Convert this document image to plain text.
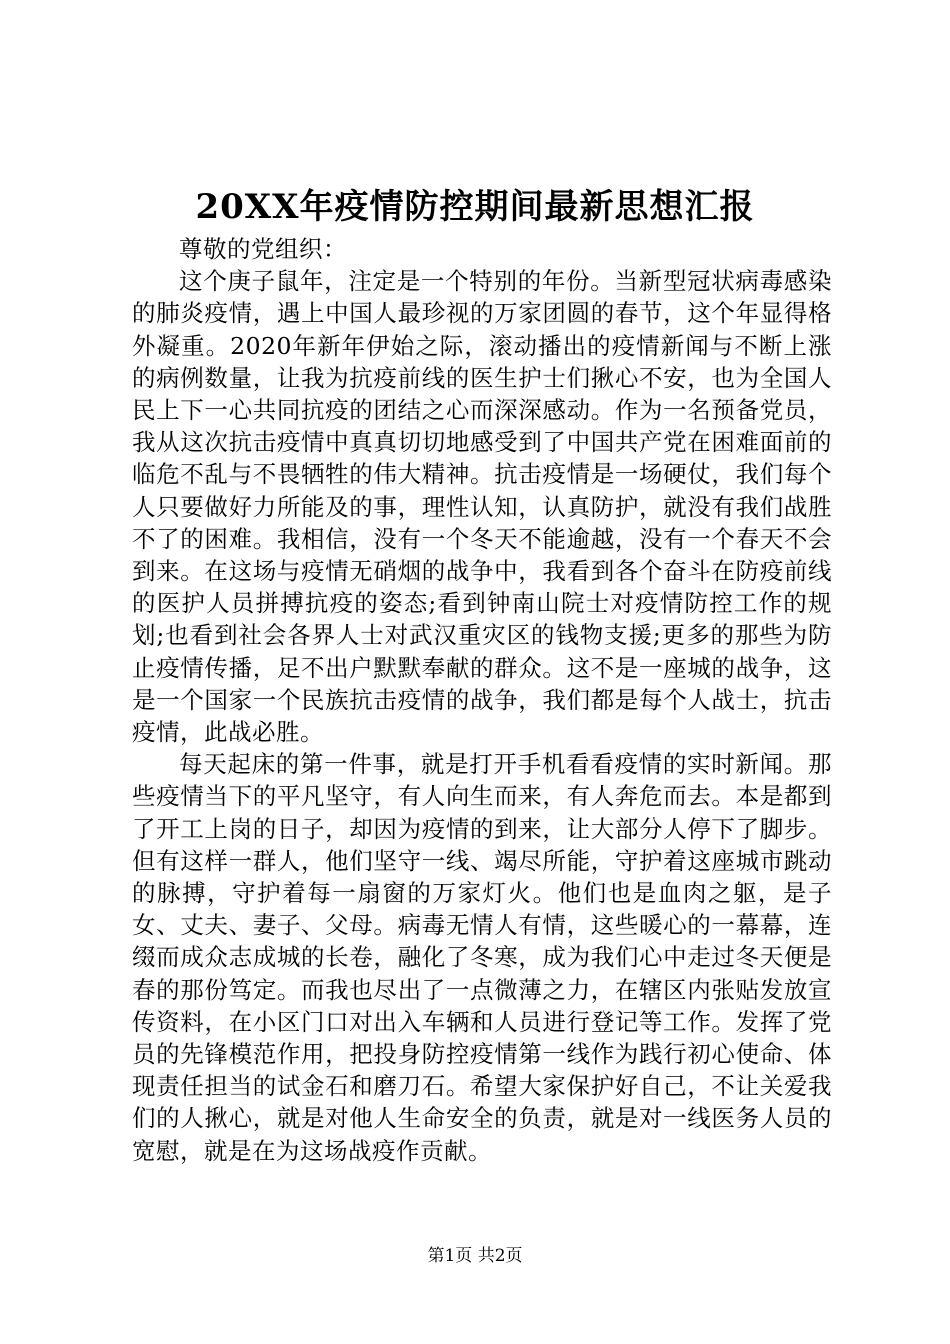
20XX年疫情防控期间最新思想汇报

尊敬的党组织：

这个庚子鼠年，注定是一个特别的年份。当新型冠状病毒感染的肺炎疫情，遇上中国人最珍视的万家团圆的春节，这个年显得格外凝重。2020年新年伊始之际，滚动播出的疫情新闻与不断上涨的病例数量，让我为抗疫前线的医生护士们揪心不安，也为全国人民上下一心共同抗疫的团结之心而深深感动。作为一名预备党员，我从这次抗击疫情中真真切切地感受到了中国共产党在困难面前的临危不乱与不畏牺牲的伟大精神。抗击疫情是一场硬仗，我们每个人只要做好力所能及的事，理性认知，认真防护，就没有我们战胜不了的困难。我相信，没有一个冬天不能逾越，没有一个春天不会到来。在这场与疫情无硝烟的战争中，我看到各个奋斗在防疫前线的医护人员拼搏抗疫的姿态;看到钟南山院士对疫情防控工作的规划;也看到社会各界人士对武汉重灾区的钱物支援;更多的那些为防止疫情传播，足不出户默默奉献的群众。这不是一座城的战争，这是一个国家一个民族抗击疫情的战争，我们都是每个人战士，抗击疫情，此战必胜。

每天起床的第一件事，就是打开手机看看疫情的实时新闻。那些疫情当下的平凡坚守，有人向生而来，有人奔危而去。本是都到了开工上岗的日子，却因为疫情的到来，让大部分人停下了脚步。但有这样一群人，他们坚守一线、竭尽所能，守护着这座城市跳动的脉搏，守护着每一扇窗的万家灯火。他们也是血肉之躯，是子女、丈夫、妻子、父母。病毒无情人有情，这些暖心的一幕幕，连缀而成众志成城的长卷，融化了冬寒，成为我们心中走过冬天便是春的那份笃定。而我也尽出了一点微薄之力，在辖区内张贴发放宣传资料，在小区门口对出入车辆和人员进行登记等工作。发挥了党员的先锋模范作用，把投身防控疫情第一线作为践行初心使命、体现责任担当的试金石和磨刀石。希望大家保护好自己，不让关爱我们的人揪心，就是对他人生命安全的负责，就是对一线医务人员的宽慰，就是在为这场战疫作贡献。

第1页 共2页
